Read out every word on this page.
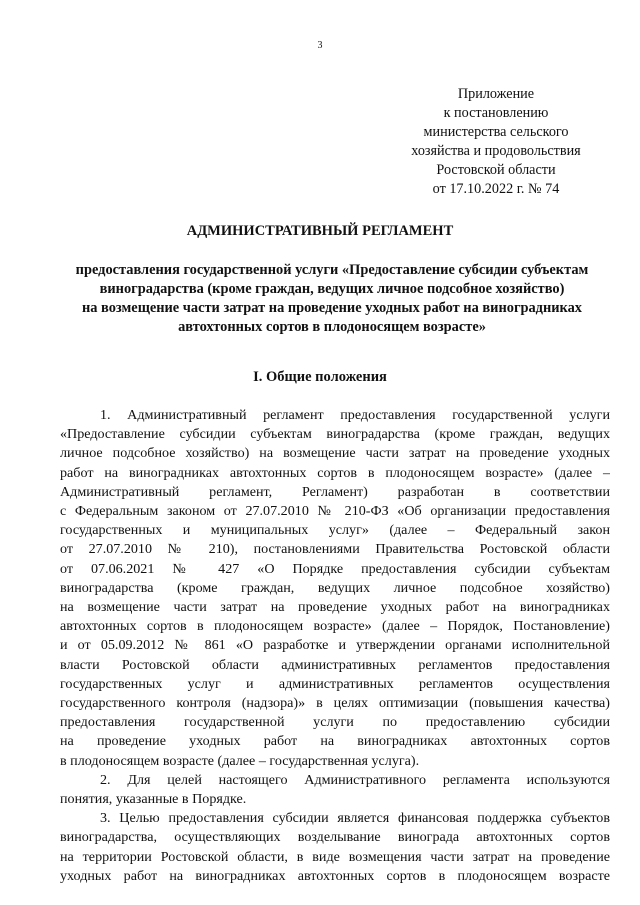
3
Приложение
к постановлению
министерства сельского
хозяйства и продовольствия
Ростовской области
от 17.10.2022 г. № 74
АДМИНИСТРАТИВНЫЙ РЕГЛАМЕНТ
предоставления государственной услуги «Предоставление субсидии субъектам
виноградарства (кроме граждан, ведущих личное подсобное хозяйство)
на возмещение части затрат на проведение уходных работ на виноградниках
автохтонных сортов в плодоносящем возрасте»
I. Общие положения
1. Административный регламент предоставления государственной услуги
«Предоставление субсидии субъектам виноградарства (кроме граждан, ведущих
личное подсобное хозяйство) на возмещение части затрат на проведение уходных
работ на виноградниках автохтонных сортов в плодоносящем возрасте» (далее –
Административный регламент, Регламент) разработан в соответствии
с Федеральным законом от 27.07.2010 № 210-ФЗ «Об организации предоставления
государственных и муниципальных услуг» (далее – Федеральный закон
от 27.07.2010 № 210), постановлениями Правительства Ростовской области
от 07.06.2021 № 427 «О Порядке предоставления субсидии субъектам
виноградарства (кроме граждан, ведущих личное подсобное хозяйство)
на возмещение части затрат на проведение уходных работ на виноградниках
автохтонных сортов в плодоносящем возрасте» (далее – Порядок, Постановление)
и от 05.09.2012 № 861 «О разработке и утверждении органами исполнительной
власти Ростовской области административных регламентов предоставления
государственных услуг и административных регламентов осуществления
государственного контроля (надзора)» в целях оптимизации (повышения качества)
предоставления государственной услуги по предоставлению субсидии
на проведение уходных работ на виноградниках автохтонных сортов
в плодоносящем возрасте (далее – государственная услуга).
2. Для целей настоящего Административного регламента используются
понятия, указанные в Порядке.
3. Целью предоставления субсидии является финансовая поддержка субъектов
виноградарства, осуществляющих возделывание винограда автохтонных сортов
на территории Ростовской области, в виде возмещения части затрат на проведение
уходных работ на виноградниках автохтонных сортов в плодоносящем возрасте
